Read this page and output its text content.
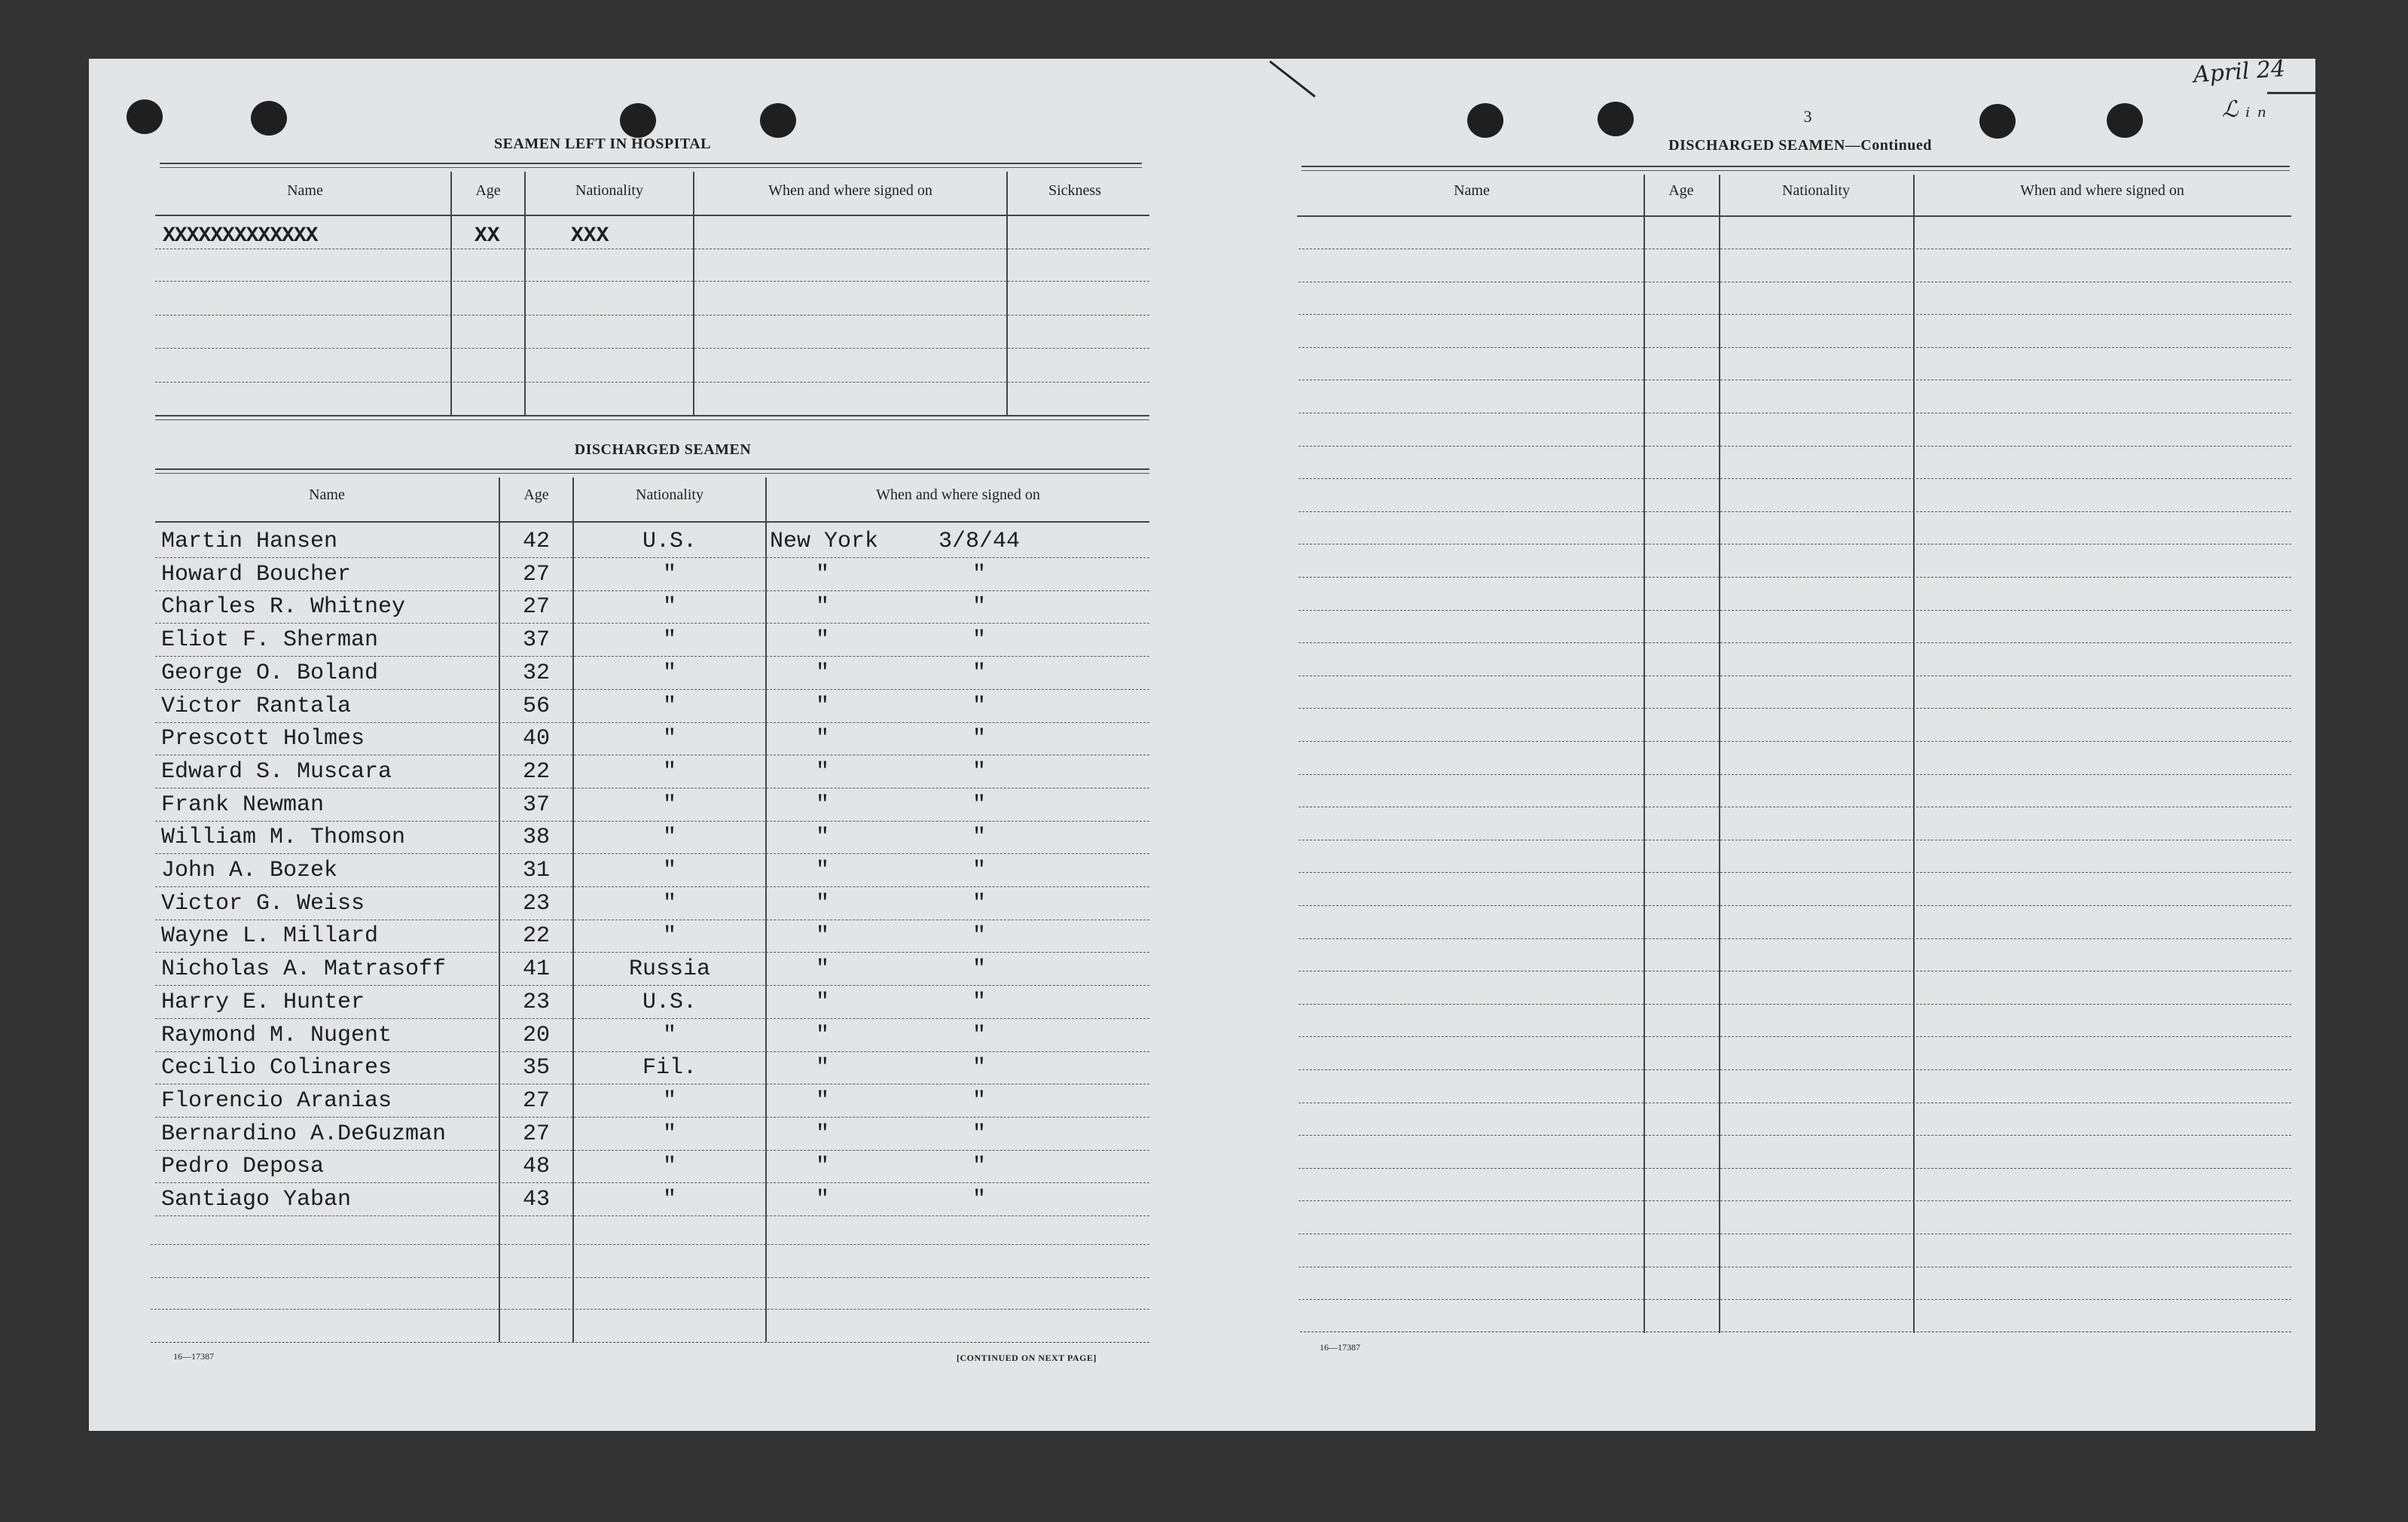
SEAMEN LEFT IN HOSPITAL
Name	Age	Nationality	When and where signed on	Sickness
XXXXXXXXXXXXX	XX	XXX
DISCHARGED SEAMEN
Name	Age	Nationality	When and where signed on
Martin Hansen	42	U.S.	New York	3/8/44
Howard Boucher	27	"	"	"
Charles R. Whitney	27	"	"	"
Eliot F. Sherman	37	"	"	"
George O. Boland	32	"	"	"
Victor Rantala	56	"	"	"
Prescott Holmes	40	"	"	"
Edward S. Muscara	22	"	"	"
Frank Newman	37	"	"	"
William M. Thomson	38	"	"	"
John A. Bozek	31	"	"	"
Victor G. Weiss	23	"	"	"
Wayne L. Millard	22	"	"	"
Nicholas A. Matrasoff	41	Russia	"	"
Harry E. Hunter	23	U.S.	"	"
Raymond M. Nugent	20	"	"	"
Cecilio Colinares	35	Fil.	"	"
Florencio Aranias	27	"	"	"
Bernardino A.DeGuzman	27	"	"	"
Pedro Deposa	48	"	"	"
Santiago Yaban	43	"	"	"
16—17387	[CONTINUED ON NEXT PAGE]
3
DISCHARGED SEAMEN—Continued
Name	Age	Nationality	When and where signed on
16—17387
April 24
ℒ ᵢ ₙ
